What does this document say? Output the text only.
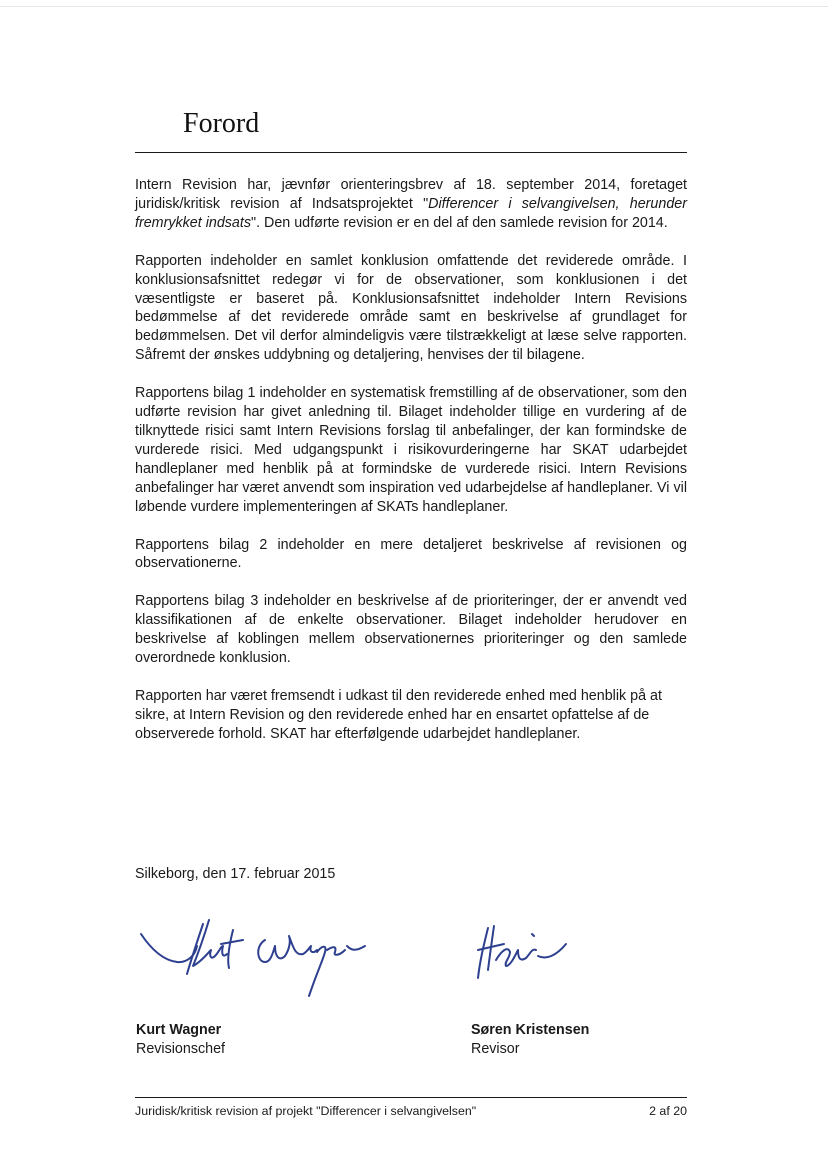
Forord

Intern Revision har, jævnfør orienteringsbrev af 18. september 2014, foretaget juridisk/kritisk revision af Indsatsprojektet "Differencer i selvangivelsen, herunder fremrykket indsats". Den udførte revision er en del af den samlede revision for 2014.

Rapporten indeholder en samlet konklusion omfattende det reviderede område. I konklusionsafsnittet redegør vi for de observationer, som konklusionen i det væsentligste er baseret på. Konklusionsafsnittet indeholder Intern Revisions bedømmelse af det reviderede område samt en beskrivelse af grundlaget for bedømmelsen. Det vil derfor almindeligvis være tilstrækkeligt at læse selve rapporten. Såfremt der ønskes uddybning og detaljering, henvises der til bilagene.

Rapportens bilag 1 indeholder en systematisk fremstilling af de observationer, som den udførte revision har givet anledning til. Bilaget indeholder tillige en vurdering af de tilknyttede risici samt Intern Revisions forslag til anbefalinger, der kan formindske de vurderede risici. Med udgangspunkt i risikovurderingerne har SKAT udarbejdet handleplaner med henblik på at formindske de vurderede risici. Intern Revisions anbefalinger har været anvendt som inspiration ved udarbejdelse af handleplaner. Vi vil løbende vurdere implementeringen af SKATs handleplaner.

Rapportens bilag 2 indeholder en mere detaljeret beskrivelse af revisionen og observationerne.

Rapportens bilag 3 indeholder en beskrivelse af de prioriteringer, der er anvendt ved klassifikationen af de enkelte observationer. Bilaget indeholder herudover en beskrivelse af koblingen mellem observationernes prioriteringer og den samlede overordnede konklusion.

Rapporten har været fremsendt i udkast til den reviderede enhed med henblik på at sikre, at Intern Revision og den reviderede enhed har en ensartet opfattelse af de observerede forhold. SKAT har efterfølgende udarbejdet handleplaner.

Silkeborg, den 17. februar 2015

Kurt Wagner
Revisionschef
Søren Kristensen
Revisor
Juridisk/kritisk revision af projekt "Differencer i selvangivelsen"	2 af 20
